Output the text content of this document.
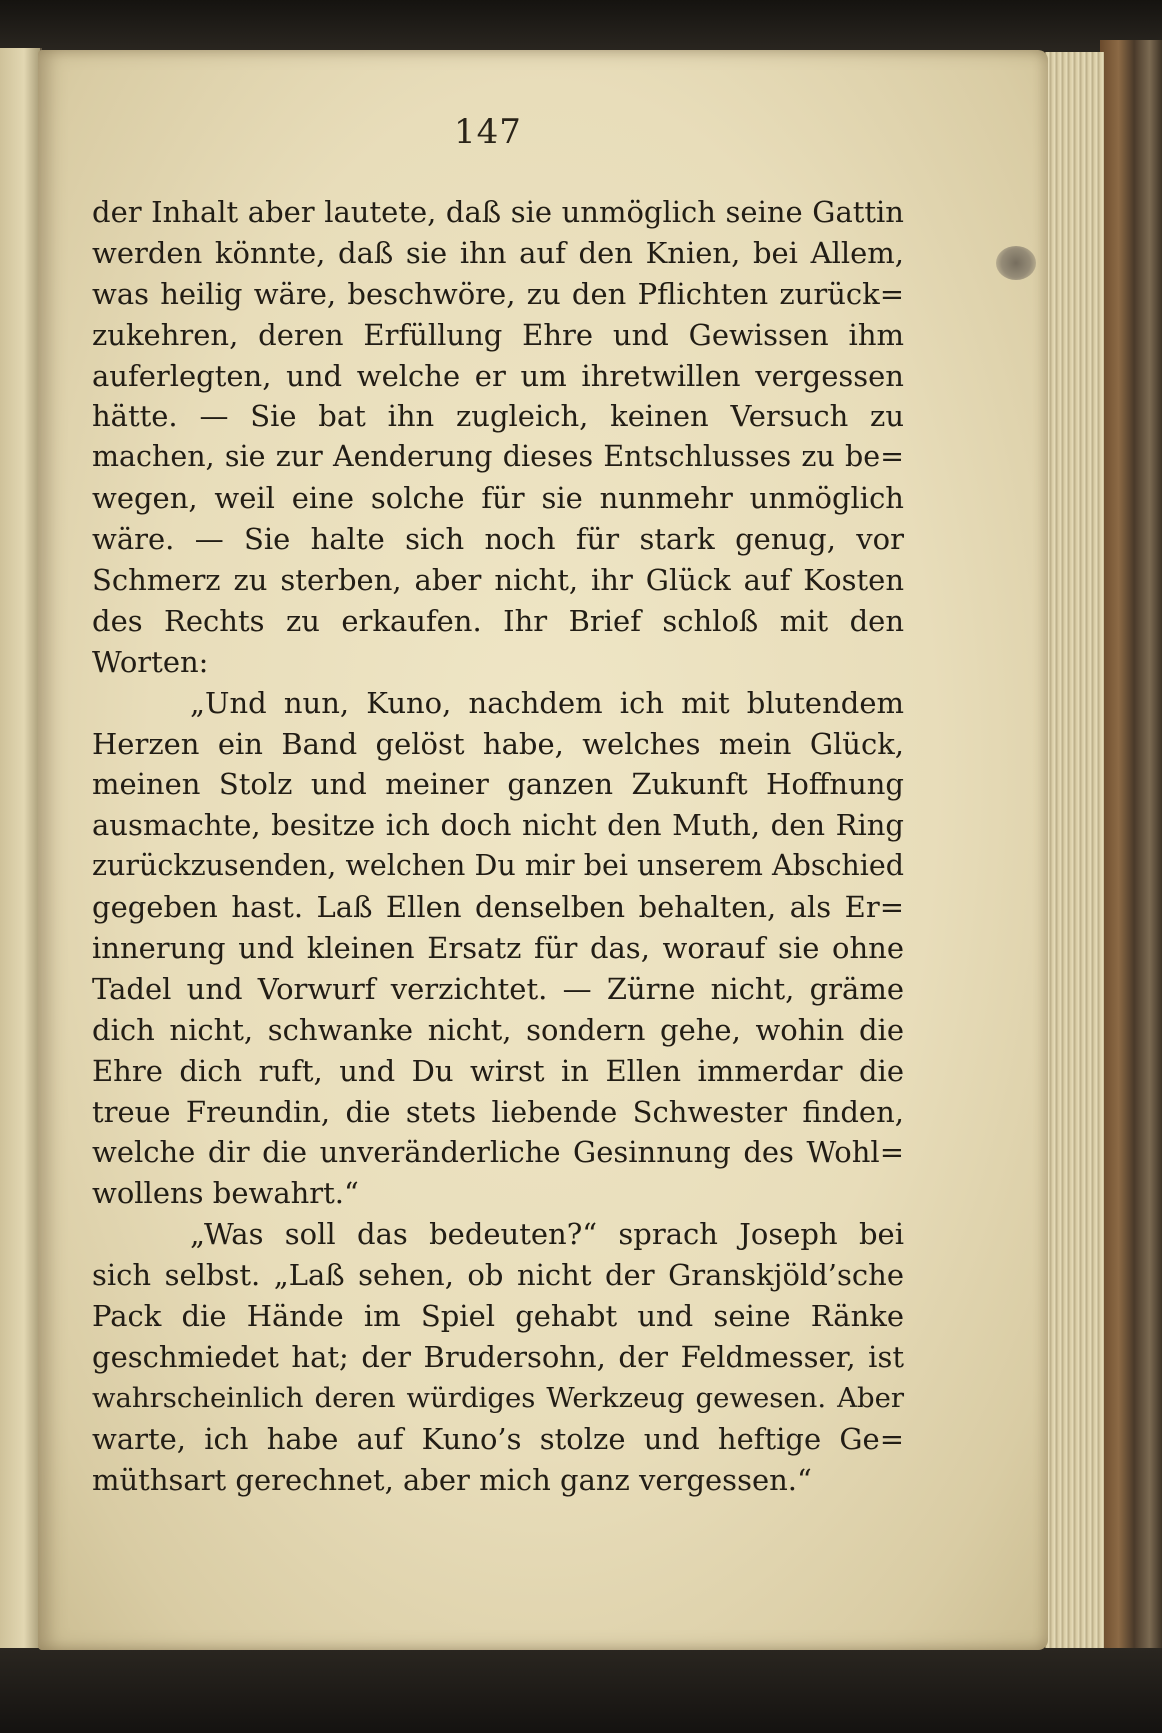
147
der Inhalt aber lautete, daß sie unmöglich seine Gattin
werden könnte, daß sie ihn auf den Knien, bei Allem,
was heilig wäre, beschwöre, zu den Pflichten zurück=
zukehren, deren Erfüllung Ehre und Gewissen ihm
auferlegten, und welche er um ihretwillen vergessen
hätte. — Sie bat ihn zugleich, keinen Versuch zu
machen, sie zur Aenderung dieses Entschlusses zu be=
wegen, weil eine solche für sie nunmehr unmöglich
wäre. — Sie halte sich noch für stark genug, vor
Schmerz zu sterben, aber nicht, ihr Glück auf Kosten
des Rechts zu erkaufen. Ihr Brief schloß mit den
Worten:
„Und nun, Kuno, nachdem ich mit blutendem
Herzen ein Band gelöst habe, welches mein Glück,
meinen Stolz und meiner ganzen Zukunft Hoffnung
ausmachte, besitze ich doch nicht den Muth, den Ring
zurückzusenden, welchen Du mir bei unserem Abschied
gegeben hast. Laß Ellen denselben behalten, als Er=
innerung und kleinen Ersatz für das, worauf sie ohne
Tadel und Vorwurf verzichtet. — Zürne nicht, gräme
dich nicht, schwanke nicht, sondern gehe, wohin die
Ehre dich ruft, und Du wirst in Ellen immerdar die
treue Freundin, die stets liebende Schwester finden,
welche dir die unveränderliche Gesinnung des Wohl=
wollens bewahrt.“
„Was soll das bedeuten?“ sprach Joseph bei
sich selbst. „Laß sehen, ob nicht der Granskjöld’sche
Pack die Hände im Spiel gehabt und seine Ränke
geschmiedet hat; der Brudersohn, der Feldmesser, ist
wahrscheinlich deren würdiges Werkzeug gewesen. Aber
warte, ich habe auf Kuno’s stolze und heftige Ge=
müthsart gerechnet, aber mich ganz vergessen.“
